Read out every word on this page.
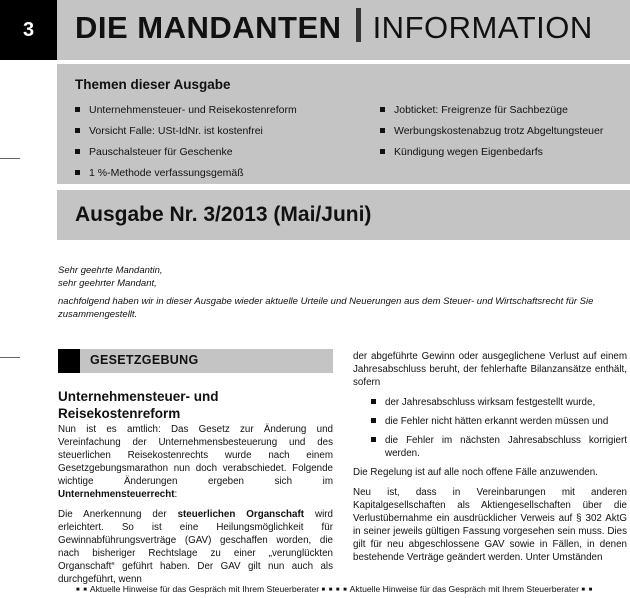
3 DIE MANDANTEN INFORMATION
Themen dieser Ausgabe
Unternehmensteuer- und Reisekostenreform
Vorsicht Falle: USt-IdNr. ist kostenfrei
Pauschalsteuer für Geschenke
1 %-Methode verfassungsgemäß
Jobticket: Freigrenze für Sachbezüge
Werbungskostenabzug trotz Abgeltungsteuer
Kündigung wegen Eigenbedarfs
Ausgabe Nr. 3/2013 (Mai/Juni)
Sehr geehrte Mandantin,
sehr geehrter Mandant,
nachfolgend haben wir in dieser Ausgabe wieder aktuelle Urteile und Neuerungen aus dem Steuer- und Wirtschaftsrecht für Sie zusammengestellt.
GESETZGEBUNG
Unternehmensteuer- und Reisekostenreform

Nun ist es amtlich: Das Gesetz zur Änderung und Vereinfachung der Unternehmensbesteuerung und des steuerlichen Reisekostenrechts wurde nach einem Gesetzgebungsmarathon nun doch verabschiedet. Folgende wichtige Änderungen ergeben sich im Unternehmensteuerrecht:

Die Anerkennung der steuerlichen Organschaft wird erleichtert. So ist eine Heilungsmöglichkeit für Gewinnabführungsverträge (GAV) geschaffen worden, die nach bisheriger Rechtslage zu einer „verunglückten Organschaft“ geführt haben. Der GAV gilt nun auch als durchgeführt, wenn

der abgeführte Gewinn oder ausgeglichene Verlust auf einem Jahresabschluss beruht, der fehlerhafte Bilanzansätze enthält, sofern

der Jahresabschluss wirksam festgestellt wurde,
die Fehler nicht hätten erkannt werden müssen und
die Fehler im nächsten Jahresabschluss korrigiert werden.

Die Regelung ist auf alle noch offene Fälle anzuwenden.

Neu ist, dass in Vereinbarungen mit anderen Kapitalgesellschaften als Aktiengesellschaften über die Verlustübernahme ein ausdrücklicher Verweis auf § 302 AktG in seiner jeweils gültigen Fassung vorgesehen sein muss. Dies gilt für neu abgeschlossene GAV sowie in Fällen, in denen bestehende Verträge geändert werden. Unter Umständen

■ ■ Aktuelle Hinweise für das Gespräch mit Ihrem Steuerberater ■ ■ ■ ■ Aktuelle Hinweise für das Gespräch mit Ihrem Steuerberater ■ ■
